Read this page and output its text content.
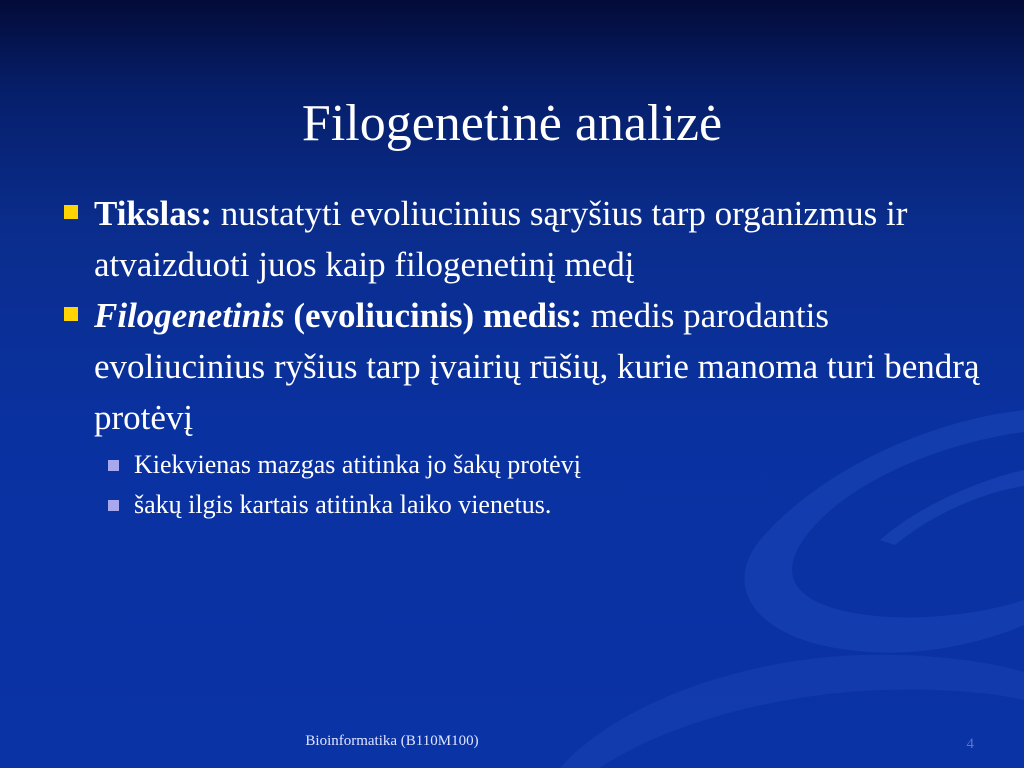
Filogenetinė analizė
Tikslas: nustatyti evoliucinius sąryšius tarp organizmus ir atvaizduoti juos kaip filogenetinį medį
Filogenetinis (evoliucinis) medis: medis parodantis evoliucinius ryšius tarp įvairių rūšių, kurie manoma turi bendrą protėvį
Kiekvienas mazgas atitinka jo šakų protėvį
šakų ilgis kartais atitinka laiko vienetus.
Bioinformatika (B110M100)	4
